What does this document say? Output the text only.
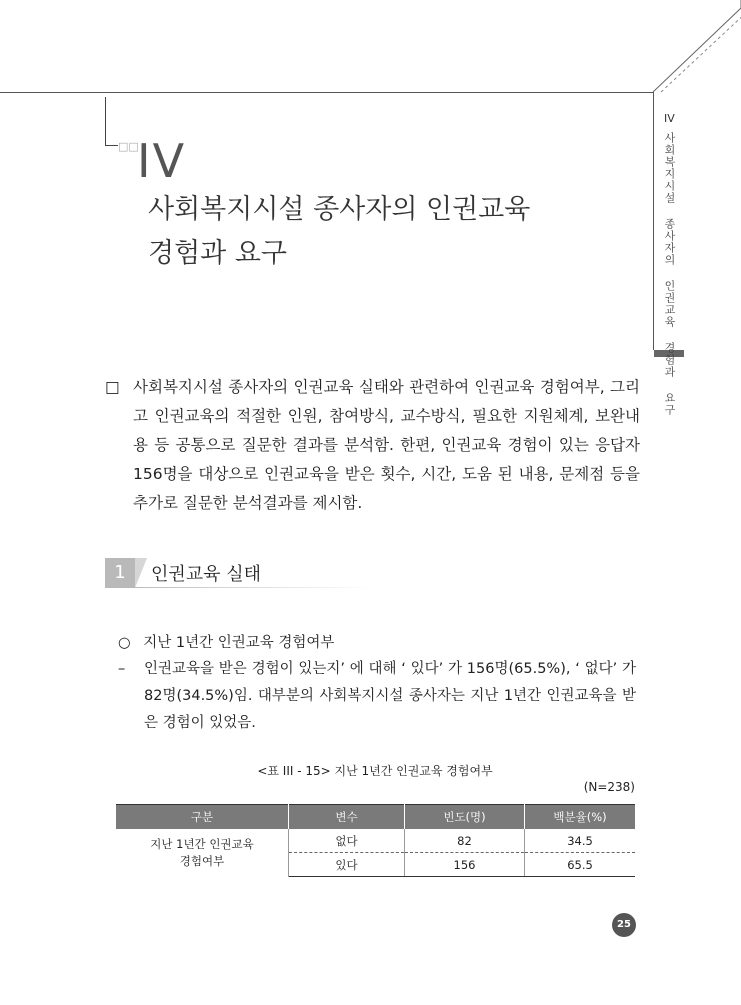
IV
사회복지시설 종사자의 인권교육 경험과 요구
□□
IV
사회복지시설 종사자의 인권교육
경험과 요구
□ 사회복지시설 종사자의 인권교육 실태와 관련하여 인권교육 경험여부, 그리고 인권교육의 적절한 인원, 참여방식, 교수방식, 필요한 지원체계, 보완내용 등 공통으로 질문한 결과를 분석함. 한편, 인권교육 경험이 있는 응답자 156명을 대상으로 인권교육을 받은 횟수, 시간, 도움 된 내용, 문제점 등을 추가로 질문한 분석결과를 제시함.
1	인권교육 실태
○ 지난 1년간 인권교육 경험여부
–	인권교육을 받은 경험이 있는지’ 에 대해 ‘ 있다’ 가 156명(65.5%), ‘ 없다’ 가 82명(34.5%)임. 대부분의 사회복지시설 종사자는 지난 1년간 인권교육을 받은 경험이 있었음.
<표 III - 15> 지난 1년간 인권교육 경험여부
(N=238)
구분	변수	빈도(명)	백분율(%)

지난 1년간 인권교육
경험여부	없다	82	34.5
	있다	156	65.5
25
